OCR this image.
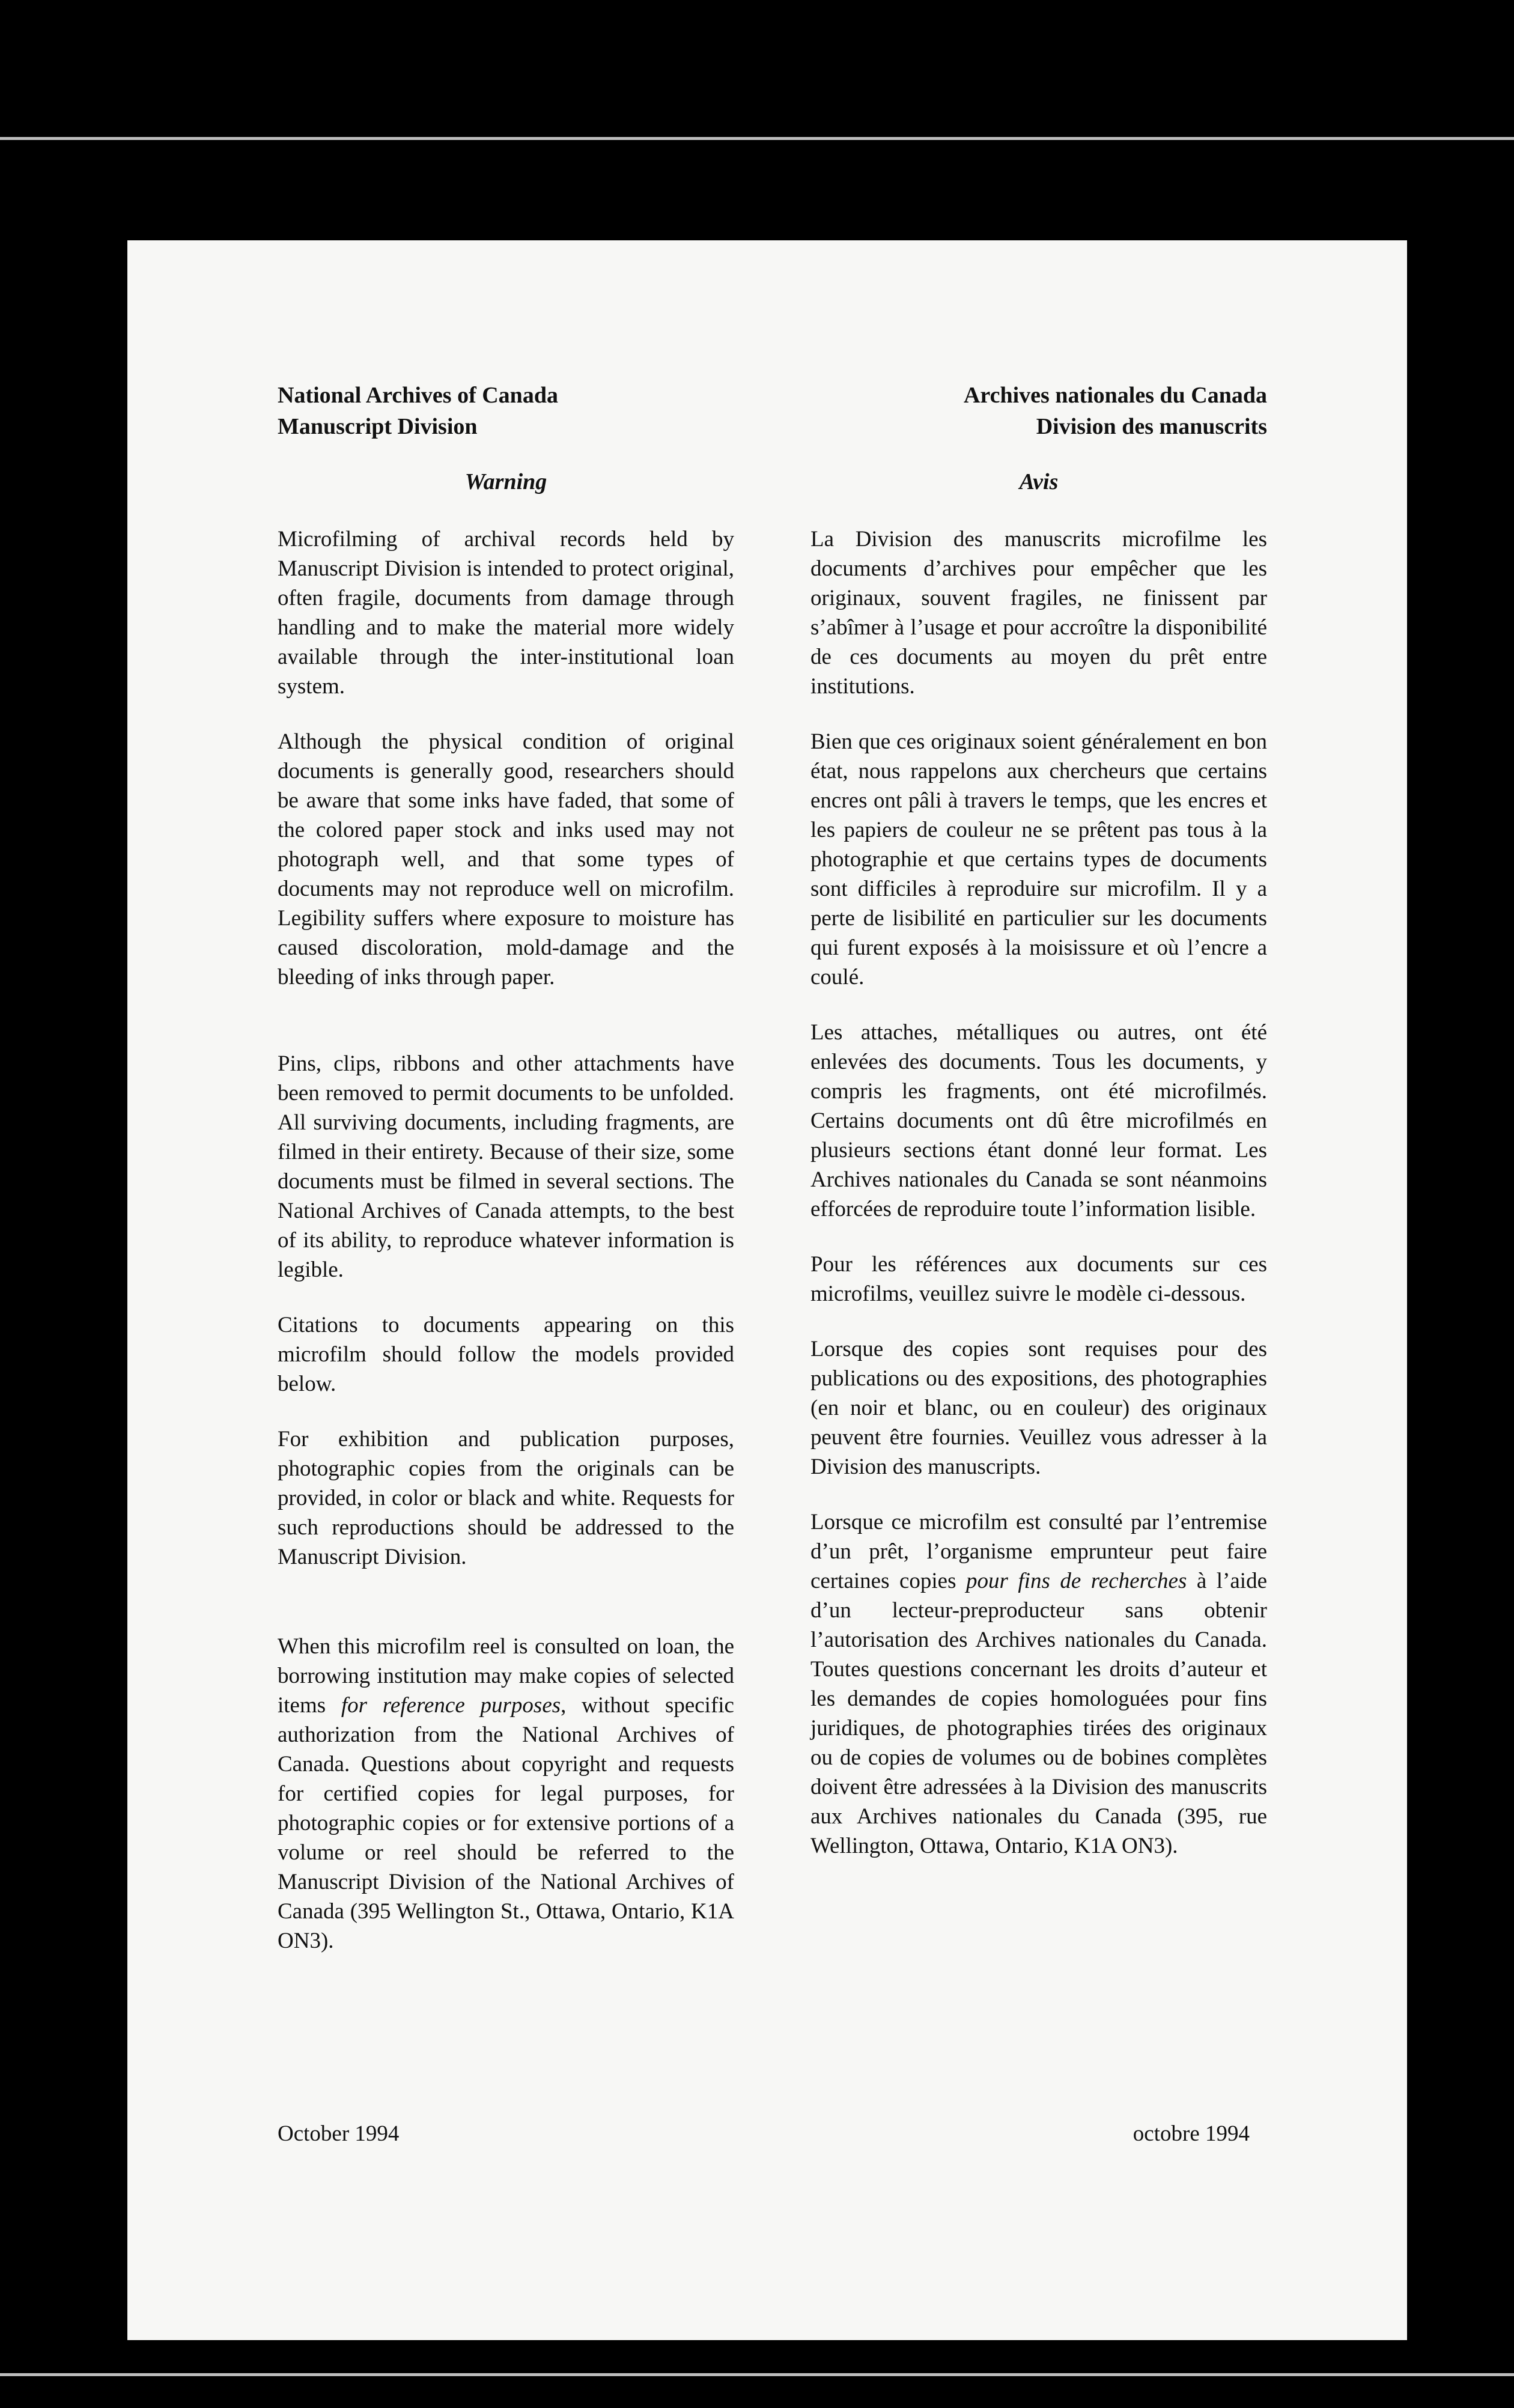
National Archives of Canada
Manuscript Division
Warning

Microfilming of archival records held by Manuscript Division is intended to protect original, often fragile, documents from damage through handling and to make the material more widely available through the inter-institutional loan system.

Although the physical condition of original documents is generally good, researchers should be aware that some inks have faded, that some of the colored paper stock and inks used may not photograph well, and that some types of documents may not reproduce well on microfilm. Legibility suffers where exposure to moisture has caused discoloration, mold-damage and the bleeding of inks through paper.

Pins, clips, ribbons and other attachments have been removed to permit documents to be unfolded. All surviving documents, including fragments, are filmed in their entirety. Because of their size, some documents must be filmed in several sections. The National Archives of Canada attempts, to the best of its ability, to reproduce whatever information is legible.

Citations to documents appearing on this microfilm should follow the models provided below.

For exhibition and publication purposes, photographic copies from the originals can be provided, in color or black and white. Requests for such reproductions should be addressed to the Manuscript Division.

When this microfilm reel is consulted on loan, the borrowing institution may make copies of selected items for reference purposes, without specific authorization from the National Archives of Canada. Questions about copyright and requests for certified copies for legal purposes, for photographic copies or for extensive portions of a volume or reel should be referred to the Manuscript Division of the National Archives of Canada (395 Wellington St., Ottawa, Ontario, K1A ON3).

Archives nationales du Canada
Division des manuscrits
Avis

La Division des manuscrits microfilme les documents d’archives pour empêcher que les originaux, souvent fragiles, ne finissent par s’abîmer à l’usage et pour accroître la disponibilité de ces documents au moyen du prêt entre institutions.

Bien que ces originaux soient généralement en bon état, nous rappelons aux chercheurs que certains encres ont pâli à travers le temps, que les encres et les papiers de couleur ne se prêtent pas tous à la photographie et que certains types de documents sont difficiles à reproduire sur microfilm. Il y a perte de lisibilité en particulier sur les documents qui furent exposés à la moisissure et où l’encre a coulé.

Les attaches, métalliques ou autres, ont été enlevées des documents. Tous les documents, y compris les fragments, ont été microfilmés. Certains documents ont dû être microfilmés en plusieurs sections étant donné leur format. Les Archives nationales du Canada se sont néanmoins efforcées de reproduire toute l’information lisible.

Pour les références aux documents sur ces microfilms, veuillez suivre le modèle ci-dessous.

Lorsque des copies sont requises pour des publications ou des expositions, des photographies (en noir et blanc, ou en couleur) des originaux peuvent être fournies. Veuillez vous adresser à la Division des manuscripts.

Lorsque ce microfilm est consulté par l’entremise d’un prêt, l’organisme emprunteur peut faire certaines copies pour fins de recherches à l’aide d’un lecteur-preproducteur sans obtenir l’autorisation des Archives nationales du Canada. Toutes questions concernant les droits d’auteur et les demandes de copies homologuées pour fins juridiques, de photographies tirées des originaux ou de copies de volumes ou de bobines complètes doivent être adressées à la Division des manuscrits aux Archives nationales du Canada (395, rue Wellington, Ottawa, Ontario, K1A ON3).

October 1994	octobre 1994
